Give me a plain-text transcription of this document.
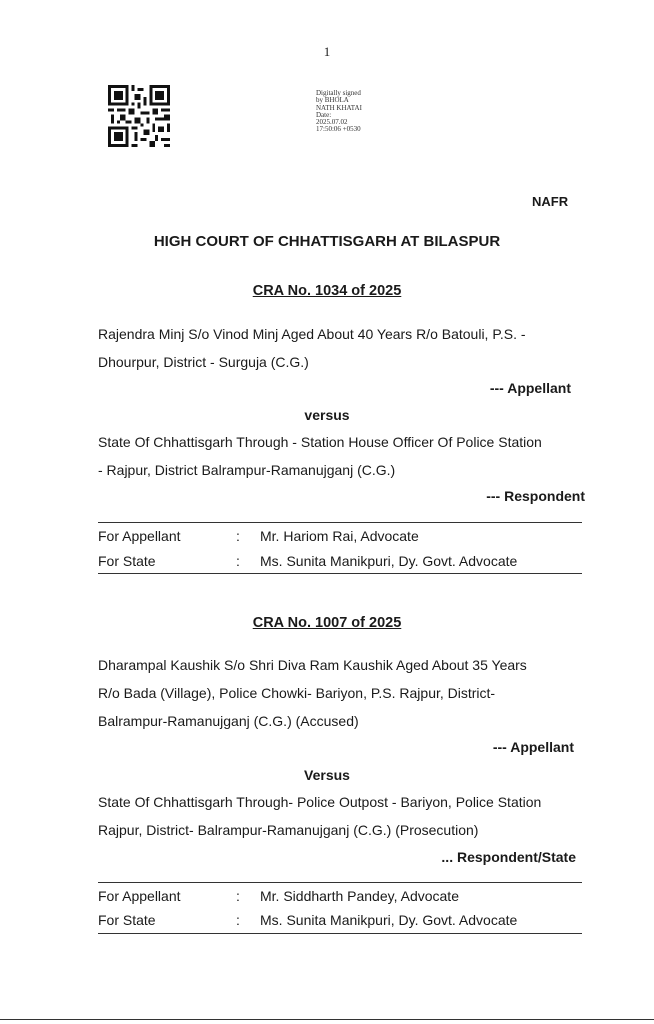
1
Digitally signed
by BHOLA
NATH KHATAI
Date:
2025.07.02
17:50:06 +0530
NAFR
HIGH COURT OF CHHATTISGARH AT BILASPUR
CRA No. 1034 of 2025
Rajendra Minj S/o Vinod Minj Aged About 40 Years R/o Batouli, P.S. -
Dhourpur, District - Surguja (C.G.)
--- Appellant
versus
State Of Chhattisgarh Through - Station House Officer Of Police Station
- Rajpur, District Balrampur-Ramanujganj (C.G.)
--- Respondent
For Appellant	: Mr. Hariom Rai, Advocate
For State	: Ms. Sunita Manikpuri, Dy. Govt. Advocate
CRA No. 1007 of 2025
Dharampal Kaushik S/o Shri Diva Ram Kaushik Aged About 35 Years
R/o Bada (Village), Police Chowki- Bariyon, P.S. Rajpur, District-
Balrampur-Ramanujganj (C.G.) (Accused)
--- Appellant
Versus
State Of Chhattisgarh Through- Police Outpost - Bariyon, Police Station
Rajpur, District- Balrampur-Ramanujganj (C.G.) (Prosecution)
... Respondent/State
For Appellant	: Mr. Siddharth Pandey, Advocate
For State	: Ms. Sunita Manikpuri, Dy. Govt. Advocate
